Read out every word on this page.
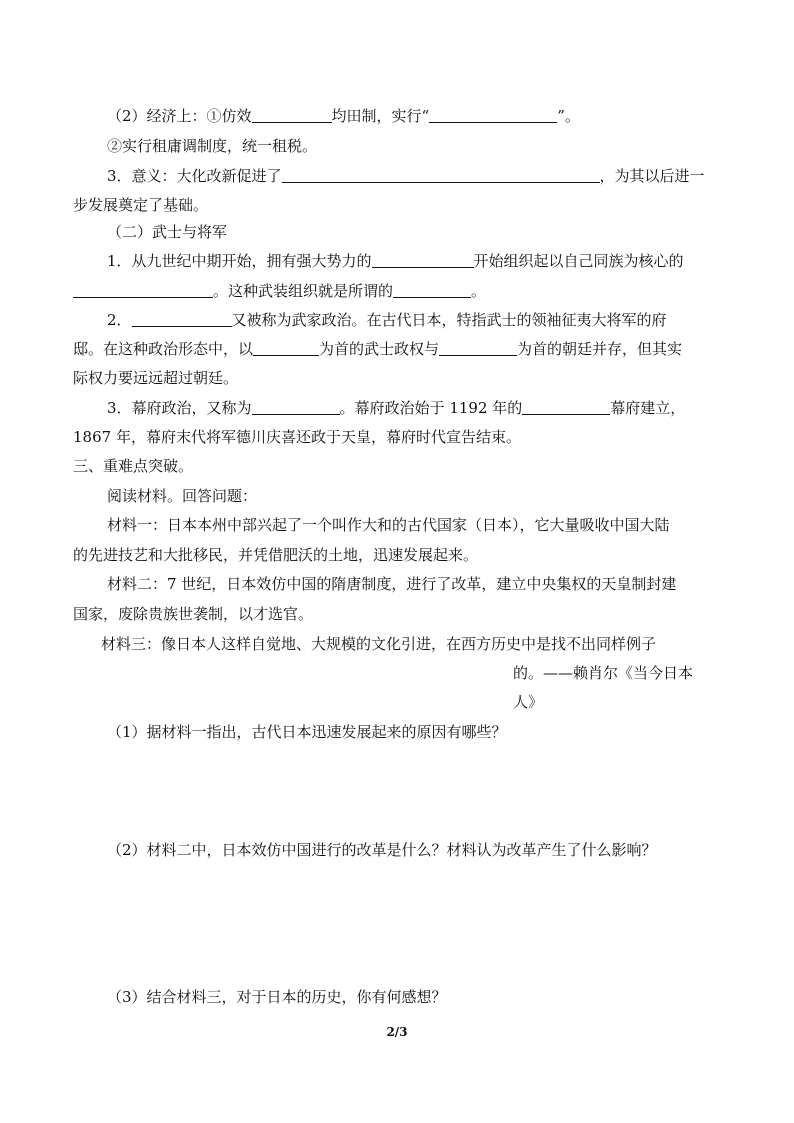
（2）经济上：①仿效	均田制，实行“	”。
②实行租庸调制度，统一租税。
3．意义：大化改新促进了	，为其以后进一
步发展奠定了基础。
（二）武士与将军
1．从九世纪中期开始，拥有强大势力的	开始组织起以自己同族为核心的
。这种武装组织就是所谓的	。
2．	又被称为武家政治。在古代日本，特指武士的领袖征夷大将军的府
邸。在这种政治形态中，以	为首的武士政权与	为首的朝廷并存，但其实
际权力要远远超过朝廷。
3．幕府政治，又称为	。幕府政治始于 1192 年的	幕府建立，
1867 年，幕府末代将军德川庆喜还政于天皇，幕府时代宣告结束。
三、重难点突破。
阅读材料。回答问题：
材料一：日本本州中部兴起了一个叫作大和的古代国家（日本），它大量吸收中国大陆
的先进技艺和大批移民，并凭借肥沃的土地，迅速发展起来。
材料二：7 世纪，日本效仿中国的隋唐制度，进行了改革，建立中央集权的天皇制封建
国家，废除贵族世袭制，以才选官。
材料三：像日本人这样自觉地、大规模的文化引进，在西方历史中是找不出同样例子
的。——赖肖尔《当今日本
人》
（1）据材料一指出，古代日本迅速发展起来的原因有哪些？
（2）材料二中，日本效仿中国进行的改革是什么？材料认为改革产生了什么影响？
（3）结合材料三，对于日本的历史，你有何感想？
2/3
